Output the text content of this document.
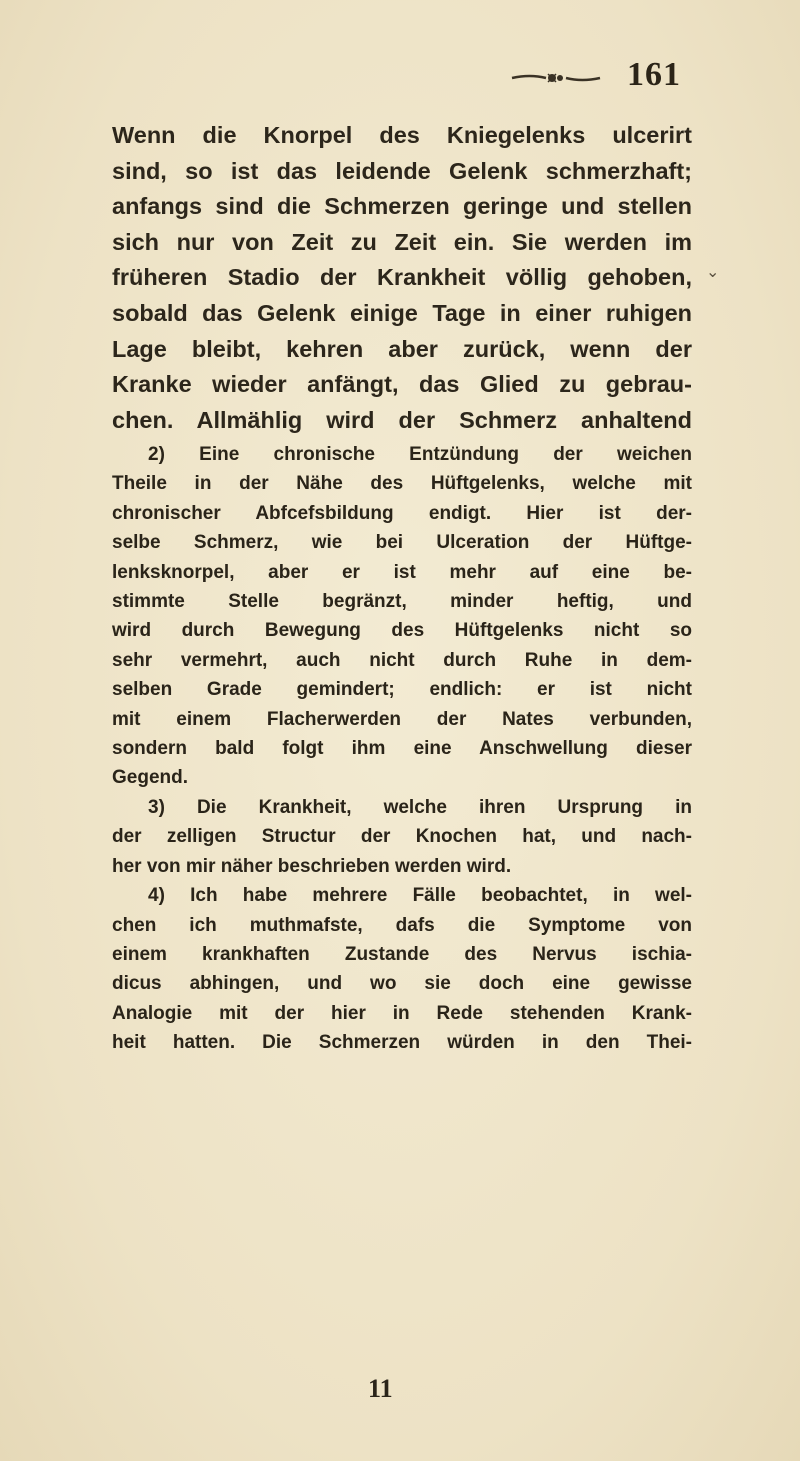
161
⌄
Wenn die Knorpel des Kniegelenks ulcerirt
sind, so ist das leidende Gelenk schmerzhaft;
anfangs sind die Schmerzen geringe und stellen
sich nur von Zeit zu Zeit ein. Sie werden im
früheren Stadio der Krankheit völlig gehoben,
sobald das Gelenk einige Tage in einer ruhigen
Lage bleibt, kehren aber zurück, wenn der
Kranke wieder anfängt, das Glied zu gebrau-
chen. Allmählig wird der Schmerz anhaltend
2) Eine chronische Entzündung der weichen
Theile in der Nähe des Hüftgelenks, welche mit
chronischer Abfcefsbildung endigt. Hier ist der-
selbe Schmerz, wie bei Ulceration der Hüftge-
lenksknorpel, aber er ist mehr auf eine be-
stimmte Stelle begränzt, minder heftig, und
wird durch Bewegung des Hüftgelenks nicht so
sehr vermehrt, auch nicht durch Ruhe in dem-
selben Grade gemindert; endlich: er ist nicht
mit einem Flacherwerden der Nates verbunden,
sondern bald folgt ihm eine Anschwellung dieser
Gegend.
3) Die Krankheit, welche ihren Ursprung in
der zelligen Structur der Knochen hat, und nach-
her von mir näher beschrieben werden wird.
4) Ich habe mehrere Fälle beobachtet, in wel-
chen ich muthmafste, dafs die Symptome von
einem krankhaften Zustande des Nervus ischia-
dicus abhingen, und wo sie doch eine gewisse
Analogie mit der hier in Rede stehenden Krank-
heit hatten. Die Schmerzen würden in den Thei-
11
